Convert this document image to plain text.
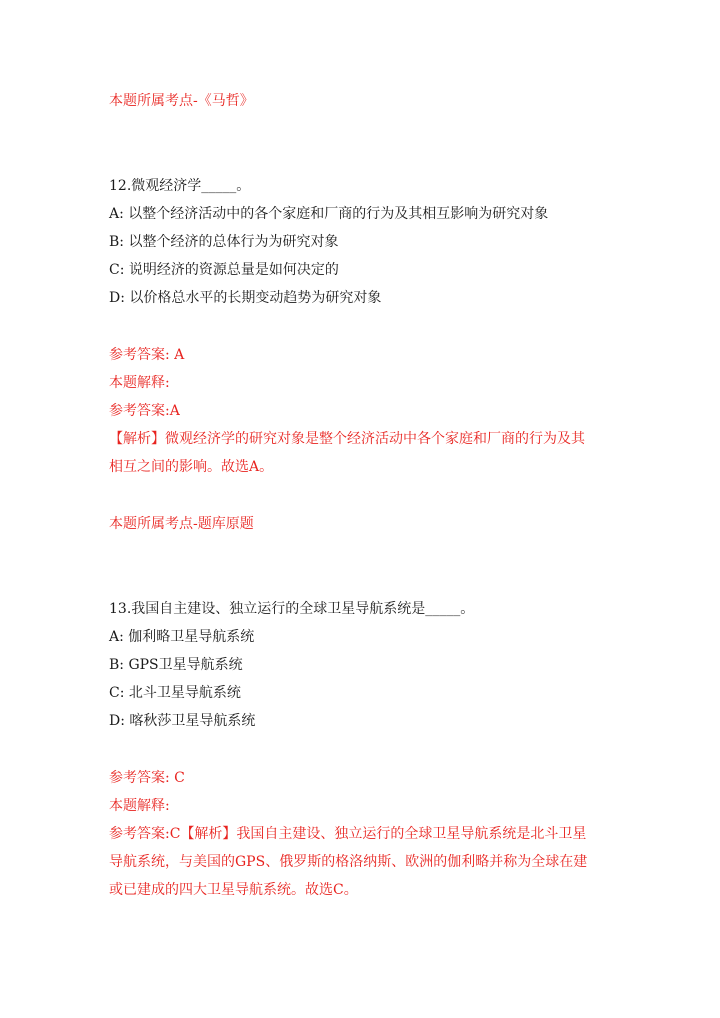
本题所属考点-《马哲》
12.微观经济学_____。
A: 以整个经济活动中的各个家庭和厂商的行为及其相互影响为研究对象
B: 以整个经济的总体行为为研究对象
C: 说明经济的资源总量是如何决定的
D: 以价格总水平的长期变动趋势为研究对象
参考答案: A
本题解释:
参考答案:A
【解析】微观经济学的研究对象是整个经济活动中各个家庭和厂商的行为及其
相互之间的影响。故选A。
本题所属考点-题库原题
13.我国自主建设、独立运行的全球卫星导航系统是_____。
A: 伽利略卫星导航系统
B: GPS卫星导航系统
C: 北斗卫星导航系统
D: 喀秋莎卫星导航系统
参考答案: C
本题解释:
参考答案:C【解析】我国自主建设、独立运行的全球卫星导航系统是北斗卫星
导航系统，与美国的GPS、俄罗斯的格洛纳斯、欧洲的伽利略并称为全球在建
或已建成的四大卫星导航系统。故选C。
